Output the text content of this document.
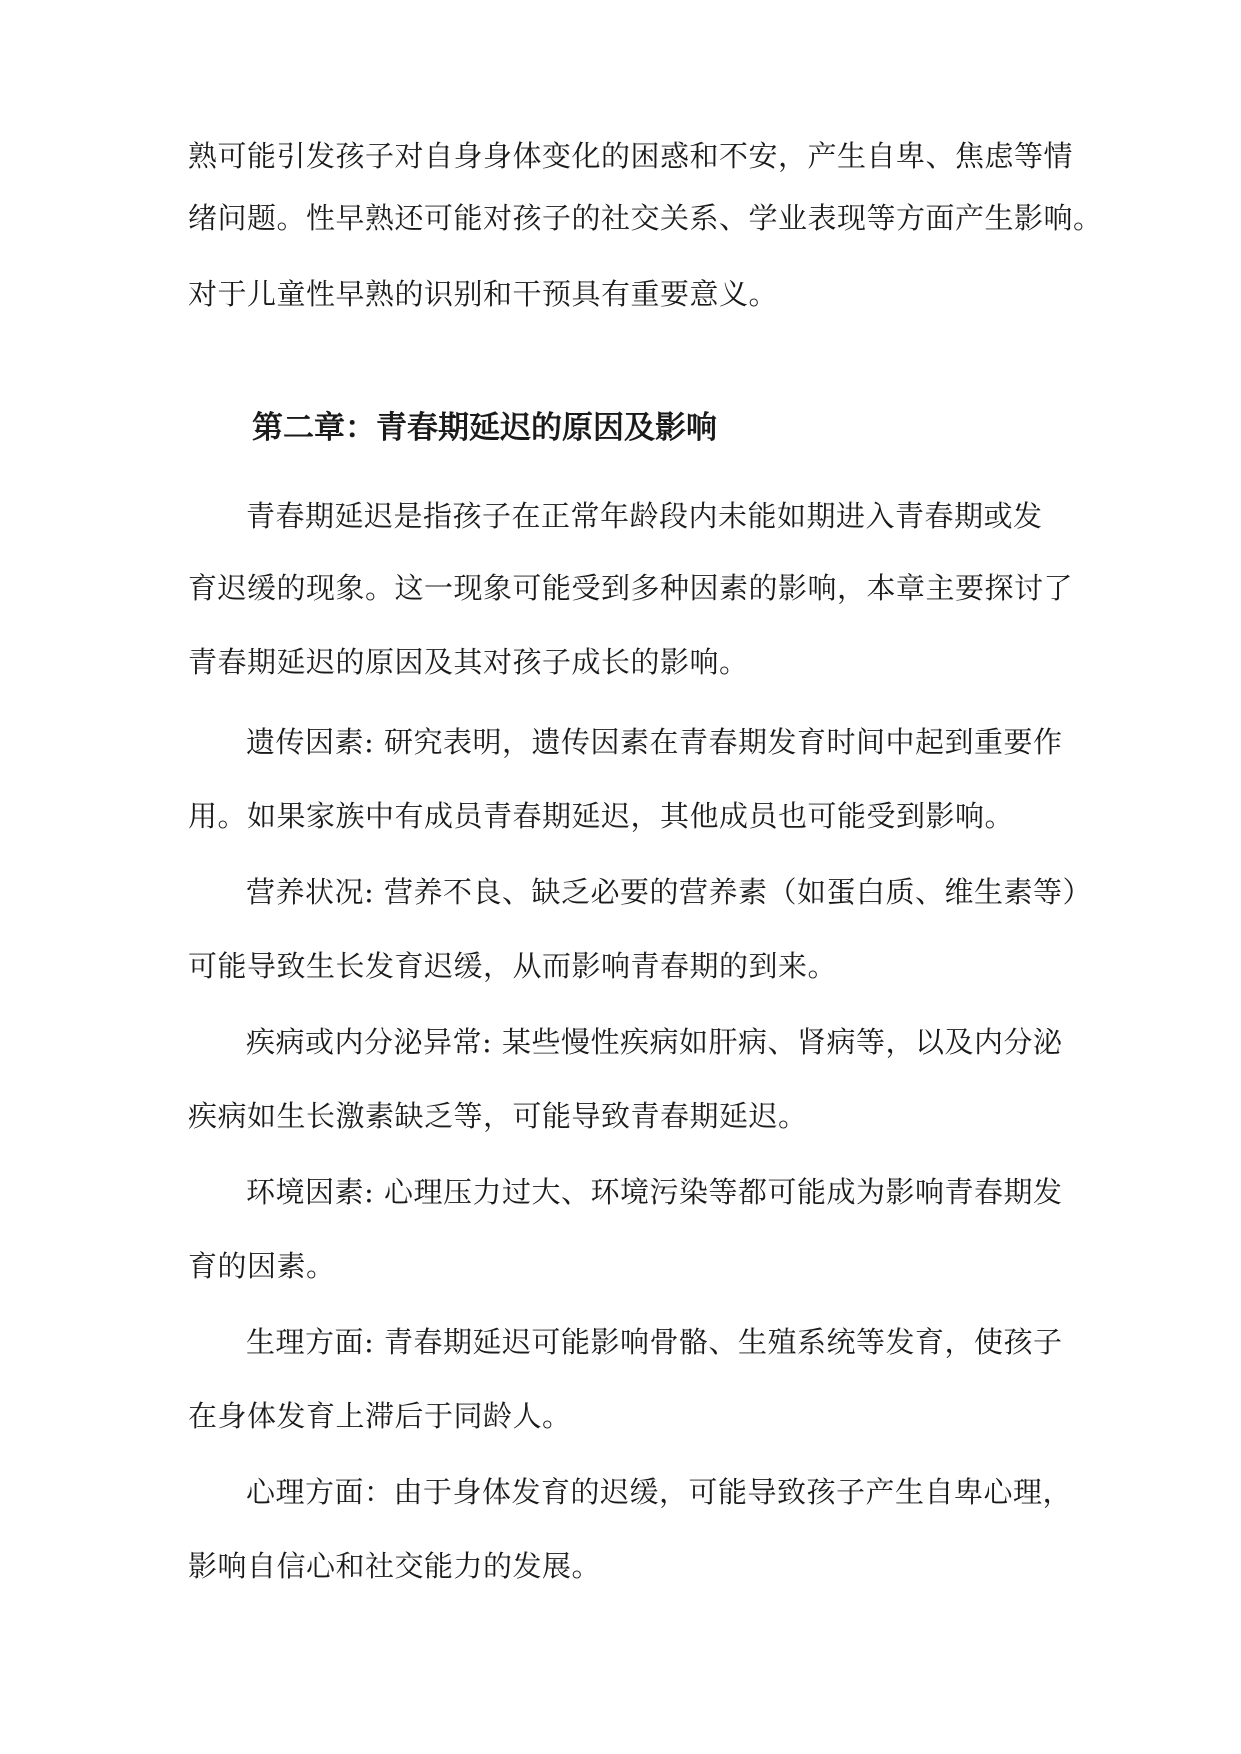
熟可能引发孩子对自身身体变化的困惑和不安，产生自卑、焦虑等情
绪问题。性早熟还可能对孩子的社交关系、学业表现等方面产生影响。
对于儿童性早熟的识别和干预具有重要意义。
第二章：青春期延迟的原因及影响
青春期延迟是指孩子在正常年龄段内未能如期进入青春期或发
育迟缓的现象。这一现象可能受到多种因素的影响，本章主要探讨了
青春期延迟的原因及其对孩子成长的影响。
遗传因素: 研究表明，遗传因素在青春期发育时间中起到重要作
用。如果家族中有成员青春期延迟，其他成员也可能受到影响。
营养状况: 营养不良、缺乏必要的营养素（如蛋白质、维生素等）
可能导致生长发育迟缓，从而影响青春期的到来。
疾病或内分泌异常: 某些慢性疾病如肝病、肾病等，以及内分泌
疾病如生长激素缺乏等，可能导致青春期延迟。
环境因素: 心理压力过大、环境污染等都可能成为影响青春期发
育的因素。
生理方面: 青春期延迟可能影响骨骼、生殖系统等发育，使孩子
在身体发育上滞后于同龄人。
心理方面：由于身体发育的迟缓，可能导致孩子产生自卑心理，
影响自信心和社交能力的发展。
